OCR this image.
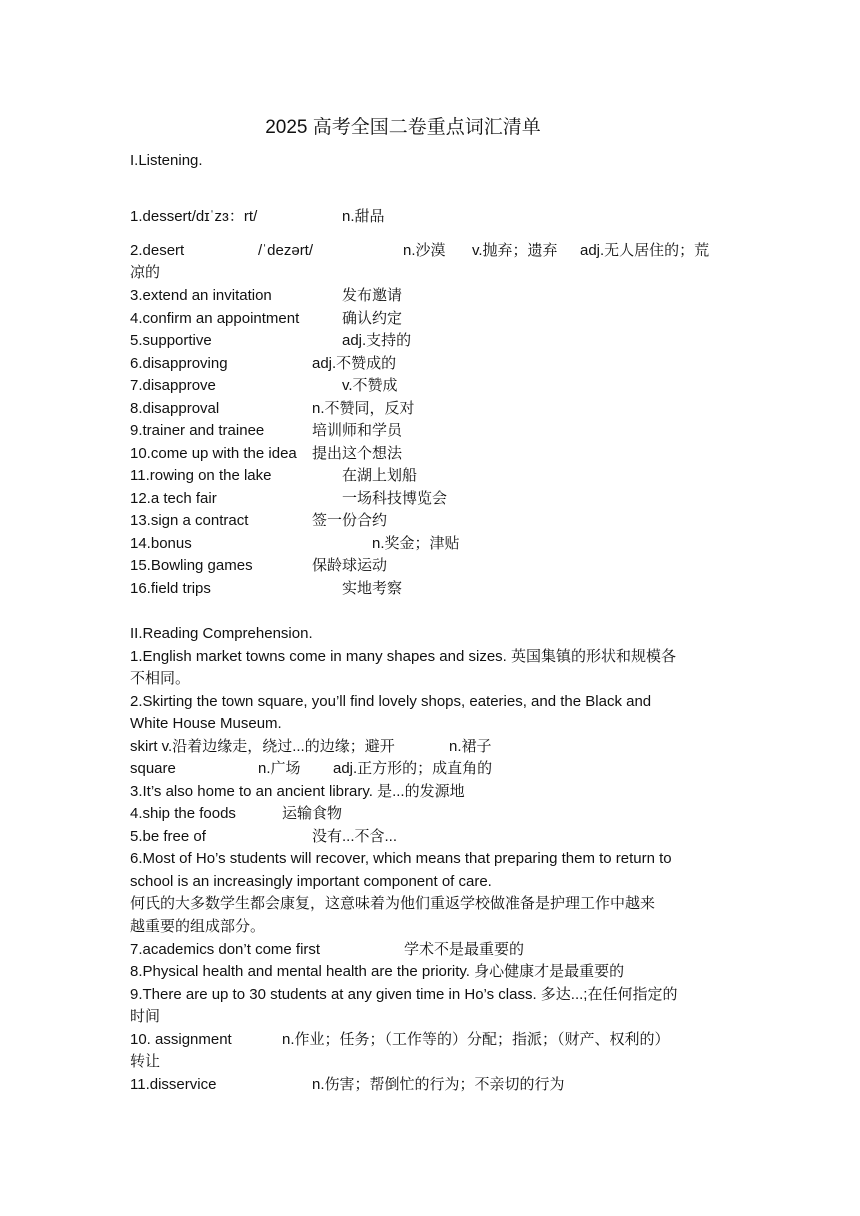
2025 高考全国二卷重点词汇清单
I.Listening.
1.dessert/dɪˈzɜ：rt/	n.甜品
2.desert	/ˈdezərt/	n.沙漠 v.抛弃；遗弃 adj.无人居住的；荒
凉的
3.extend an invitation	发布邀请
4.confirm an appointment	确认约定
5.supportive	adj.支持的
6.disapproving	adj.不赞成的
7.disapprove	v.不赞成
8.disapproval	n.不赞同，反对
9.trainer and trainee	培训师和学员
10.come up with the idea 提出这个想法
11.rowing on the lake	在湖上划船
12.a tech fair	一场科技博览会
13.sign a contract	签一份合约
14.bonus	n.奖金；津贴
15.Bowling games	保龄球运动
16.field trips	实地考察
II.Reading Comprehension.
1.English market towns come in many shapes and sizes. 英国集镇的形状和规模各
不相同。
2.Skirting the town square, you’ll find lovely shops, eateries, and the Black and
White House Museum.
skirt v.沿着边缘走，绕过...的边缘；避开	n.裙子
square	n.广场 adj.正方形的；成直角的
3.It’s also home to an ancient library. 是...的发源地
4.ship the foods	运输食物
5.be free of	没有...不含...
6.Most of Ho’s students will recover, which means that preparing them to return to
school is an increasingly important component of care.
何氏的大多数学生都会康复，这意味着为他们重返学校做准备是护理工作中越来
越重要的组成部分。
7.academics don’t come first	学术不是最重要的
8.Physical health and mental health are the priority. 身心健康才是最重要的
9.There are up to 30 students at any given time in Ho’s class. 多达...;在任何指定的
时间
10. assignment	n.作业；任务；（工作等的）分配；指派；（财产、权利的）
转让
11.disservice	n.伤害；帮倒忙的行为；不亲切的行为
